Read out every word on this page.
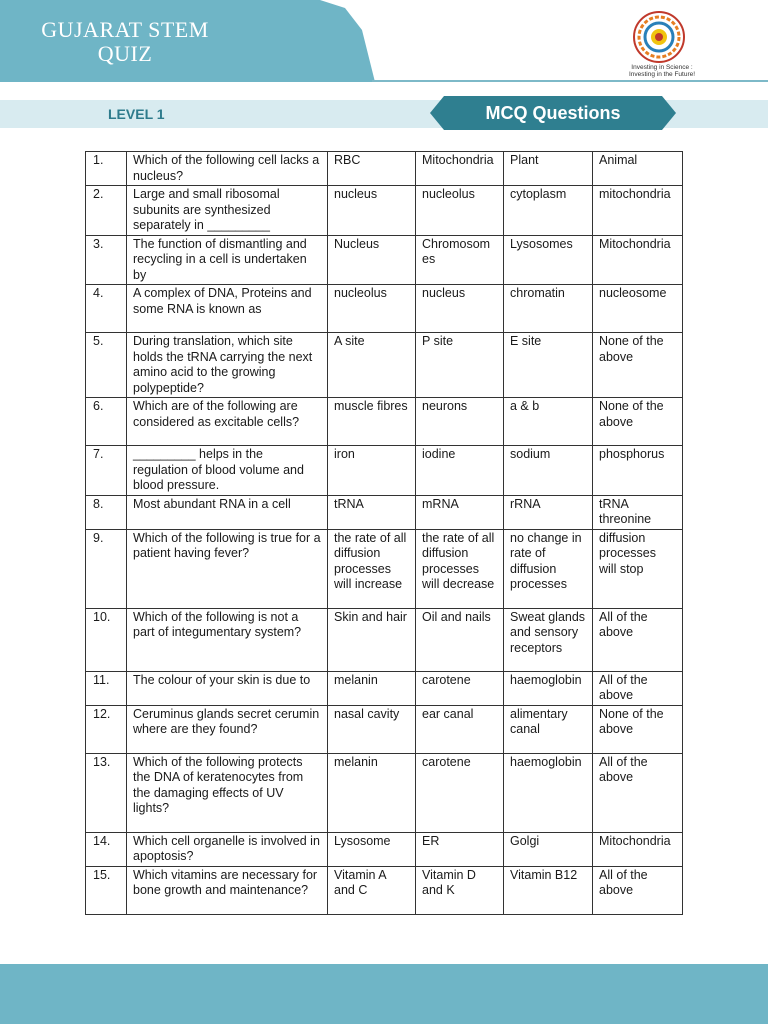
GUJARAT STEM
QUIZ
Investing in Science :
Investing in the Future!
LEVEL 1	MCQ Questions
1.	Which of the following cell lacks a nucleus?	RBC	Mitochondria	Plant	Animal
2.	Large and small ribosomal subunits are synthesized separately in _________	nucleus	nucleolus	cytoplasm	mitochondria
3.	The function of dismantling and recycling in a cell is undertaken by	Nucleus	Chromosomes	Lysosomes	Mitochondria
4.	A complex of DNA, Proteins and some RNA is known as	nucleolus	nucleus	chromatin	nucleosome
5.	During translation, which site holds the tRNA carrying the next amino acid to the growing polypeptide?	A site	P site	E site	None of the above
6.	Which are of the following are considered as excitable cells?	muscle fibres	neurons	a & b	None of the above
7.	_________ helps in the regulation of blood volume and blood pressure.	iron	iodine	sodium	phosphorus
8.	Most abundant RNA in a cell	tRNA	mRNA	rRNA	tRNA threonine
9.	Which of the following is true for a patient having fever?	the rate of all diffusion processes will increase	the rate of all diffusion processes will decrease	no change in rate of diffusion processes	diffusion processes will stop
10.	Which of the following is not a part of integumentary system?	Skin and hair	Oil and nails	Sweat glands and sensory receptors	All of the above
11.	The colour of your skin is due to	melanin	carotene	haemoglobin	All of the above
12.	Ceruminus glands secret cerumin where are they found?	nasal cavity	ear canal	alimentary canal	None of the above
13.	Which of the following protects the DNA of keratenocytes from the damaging effects of UV lights?	melanin	carotene	haemoglobin	All of the above
14.	Which cell organelle is involved in apoptosis?	Lysosome	ER	Golgi	Mitochondria
15.	Which vitamins are necessary for bone growth and maintenance?	Vitamin A and C	Vitamin D and K	Vitamin B12	All of the above
